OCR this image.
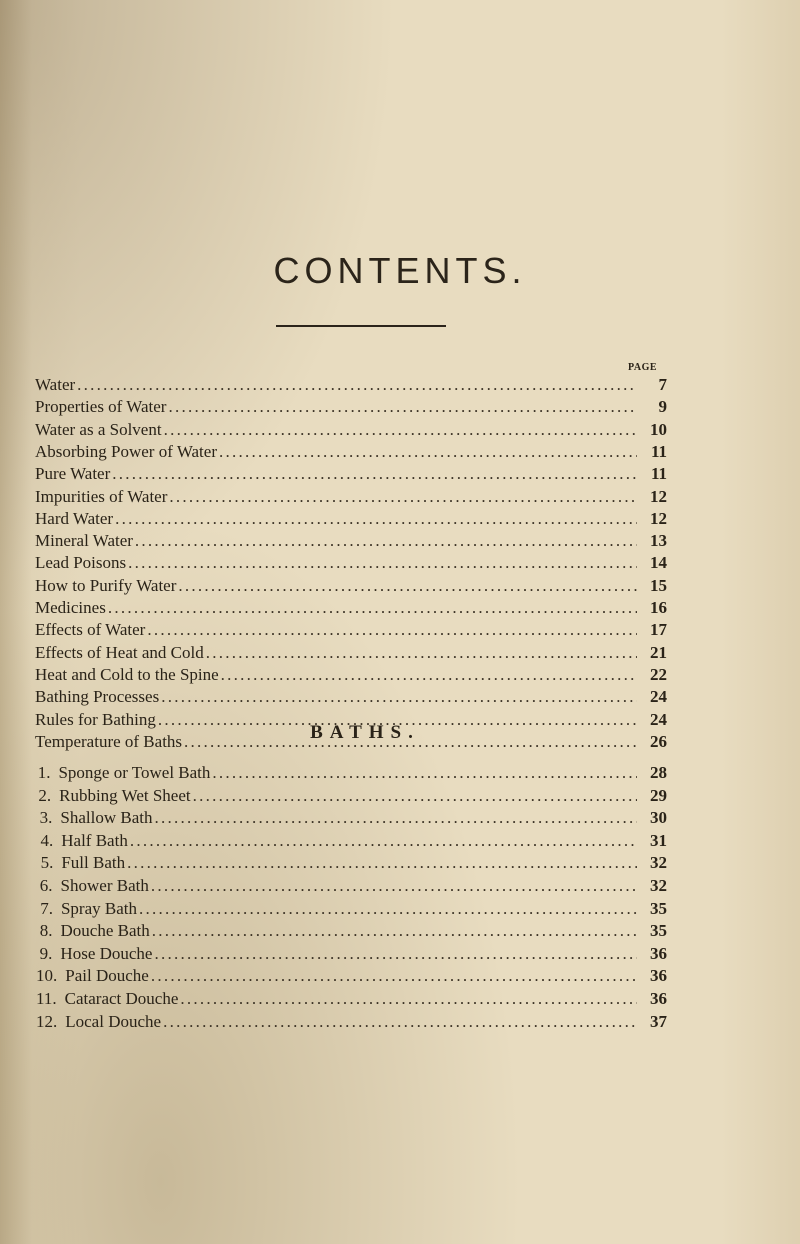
CONTENTS.
PAGE
Water . . .	7
Properties of Water . . .	9
Water as a Solvent . . .	10
Absorbing Power of Water . . .	11
Pure Water . . .	11
Impurities of Water . . .	12
Hard Water . . .	12
Mineral Water . . .	13
Lead Poisons . . .	14
How to Purify Water . . .	15
Medicines . . .	16
Effects of Water . . .	17
Effects of Heat and Cold . . .	21
Heat and Cold to the Spine . . .	22
Bathing Processes . . .	24
Rules for Bathing . . .	24
Temperature of Baths . . .	26
BATHS.
1. Sponge or Towel Bath . . .	28
2. Rubbing Wet Sheet . . .	29
3. Shallow Bath . . .	30
4. Half Bath . . .	31
5. Full Bath . . .	32
6. Shower Bath . . .	32
7. Spray Bath . . .	35
8. Douche Bath . . .	35
9. Hose Douche . . .	36
10. Pail Douche . . .	36
11. Cataract Douche . . .	36
12. Local Douche . . .	37
